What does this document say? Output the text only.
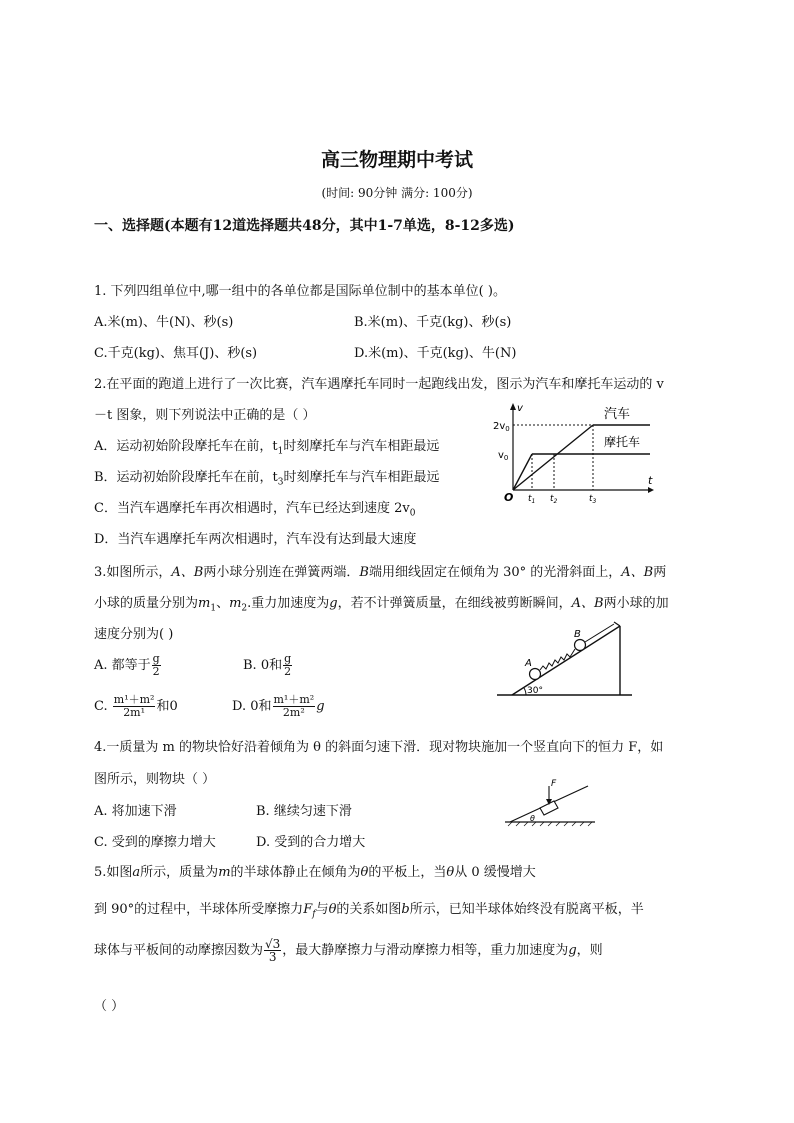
高三物理期中考试
(时间: 90分钟 满分: 100分)
一、选择题(本题有12道选择题共48分，其中1-7单选，8-12多选)
1. 下列四组单位中,哪一组中的各单位都是国际单位制中的基本单位( )。
A.米(m)、牛(N)、秒(s)	B.米(m)、千克(kg)、秒(s)
C.千克(kg)、焦耳(J)、秒(s)	D.米(m)、千克(kg)、牛(N)
2.在平面的跑道上进行了一次比赛，汽车遇摩托车同时一起跑线出发，图示为汽车和摩托车运动的 v
－t 图象，则下列说法中正确的是（ ）
A．运动初始阶段摩托车在前，$t_1$时刻摩托车与汽车相距最远
B．运动初始阶段摩托车在前，$t_3$时刻摩托车与汽车相距最远
C．当汽车遇摩托车再次相遇时，汽车已经达到速度 $2v_0$
D．当汽车遇摩托车两次相遇时，汽车没有达到最大速度
汽车
摩托车
v
t
$2v_0$
$v_0$
O $t_1$ $t_2$	$t_3$
3.如图所示，A、B两小球分别连在弹簧两端．B端用细线固定在倾角为 30° 的光滑斜面上，A、B两
小球的质量分别为$m_1$、$m_2$.重力加速度为g，若不计弹簧质量，在细线被剪断瞬间，A、B两小球的加
速度分别为( )
A. 都等于 $\frac{g}{2}$	B. 0和 $\frac{g}{2}$
C. $\frac{\text{m¹＋m²}}{\text{2m¹}}$ 和0	D. 0和 $\frac{\text{m¹＋m²}}{\text{2m²}}$ g
A
B
30°
4.一质量为 m 的物块恰好沿着倾角为 θ 的斜面匀速下滑．现对物块施加一个竖直向下的恒力 F，如
图所示，则物块（ ）
A. 将加速下滑	B. 继续匀速下滑
C. 受到的摩擦力增大	D. 受到的合力增大
F
θ
5.如图a所示，质量为m的半球体静止在倾角为θ的平板上，当θ从 0 缓慢增大
到 90°的过程中，半球体所受摩擦力$F_f$与θ的关系如图b所示，已知半球体始终没有脱离平板，半
球体与平板间的动摩擦因数为 $\frac{√3}{3}$ ，最大静摩擦力与滑动摩擦力相等，重力加速度为g，则
（ ）
